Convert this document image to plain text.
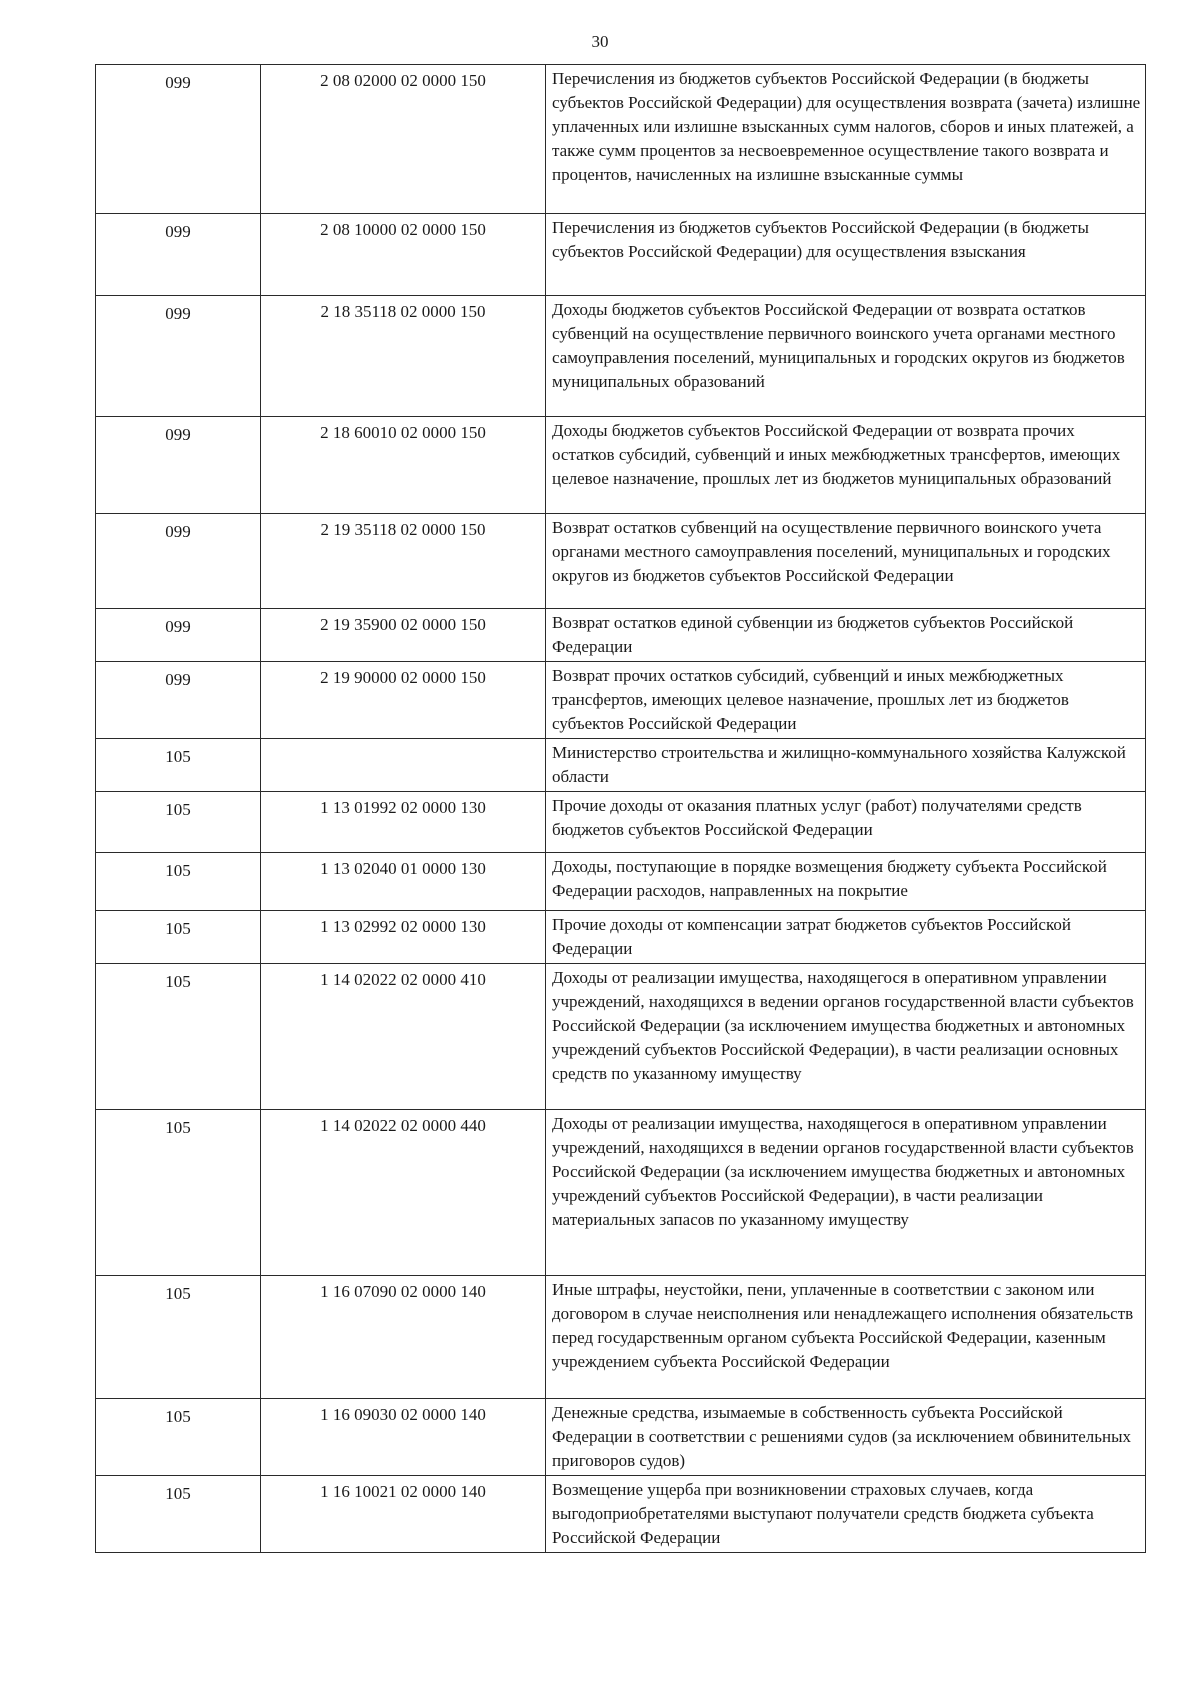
30
099	2 08 02000 02 0000 150	Перечисления из бюджетов субъектов Российской Федерации (в бюджеты субъектов Российской Федерации) для осуществления возврата (зачета) излишне уплаченных или излишне взысканных сумм налогов, сборов и иных платежей, а также сумм процентов за несвоевременное осуществление такого возврата и процентов, начисленных на излишне взысканные суммы
099	2 08 10000 02 0000 150	Перечисления из бюджетов субъектов Российской Федерации (в бюджеты субъектов Российской Федерации) для осуществления взыскания
099	2 18 35118 02 0000 150	Доходы бюджетов субъектов Российской Федерации от возврата остатков субвенций на осуществление первичного воинского учета органами местного самоуправления поселений, муниципальных и городских округов из бюджетов муниципальных образований
099	2 18 60010 02 0000 150	Доходы бюджетов субъектов Российской Федерации от возврата прочих остатков субсидий, субвенций и иных межбюджетных трансфертов, имеющих целевое назначение, прошлых лет из бюджетов муниципальных образований
099	2 19 35118 02 0000 150	Возврат остатков субвенций на осуществление первичного воинского учета органами местного самоуправления поселений, муниципальных и городских округов из бюджетов субъектов Российской Федерации
099	2 19 35900 02 0000 150	Возврат остатков единой субвенции из бюджетов субъектов Российской Федерации
099	2 19 90000 02 0000 150	Возврат прочих остатков субсидий, субвенций и иных межбюджетных трансфертов, имеющих целевое назначение, прошлых лет из бюджетов субъектов Российской Федерации
105		Министерство строительства и жилищно-коммунального хозяйства Калужской области
105	1 13 01992 02 0000 130	Прочие доходы от оказания платных услуг (работ) получателями средств бюджетов субъектов Российской Федерации
105	1 13 02040 01 0000 130	Доходы, поступающие в порядке возмещения бюджету субъекта Российской Федерации расходов, направленных на покрытие

105	1 13 02992 02 0000 130	Прочие доходы от компенсации затрат бюджетов субъектов Российской Федерации
105	1 14 02022 02 0000 410	Доходы от реализации имущества, находящегося в оперативном управлении учреждений, находящихся в ведении органов государственной власти субъектов Российской Федерации (за исключением имущества бюджетных и автономных учреждений субъектов Российской Федерации), в части реализации основных средств по указанному имуществу
105	1 14 02022 02 0000 440	Доходы от реализации имущества, находящегося в оперативном управлении учреждений, находящихся в ведении органов государственной власти субъектов Российской Федерации (за исключением имущества бюджетных и автономных учреждений субъектов Российской Федерации), в части реализации материальных запасов по указанному имуществу
105	1 16 07090 02 0000 140	Иные штрафы, неустойки, пени, уплаченные в соответствии с законом или договором в случае неисполнения или ненадлежащего исполнения обязательств перед государственным органом субъекта Российской Федерации, казенным учреждением субъекта Российской Федерации
105	1 16 09030 02 0000 140	Денежные средства, изымаемые в собственность субъекта Российской Федерации в соответствии с решениями судов (за исключением обвинительных приговоров судов)
105	1 16 10021 02 0000 140	Возмещение ущерба при возникновении страховых случаев, когда выгодоприобретателями выступают получатели средств бюджета субъекта Российской Федерации
